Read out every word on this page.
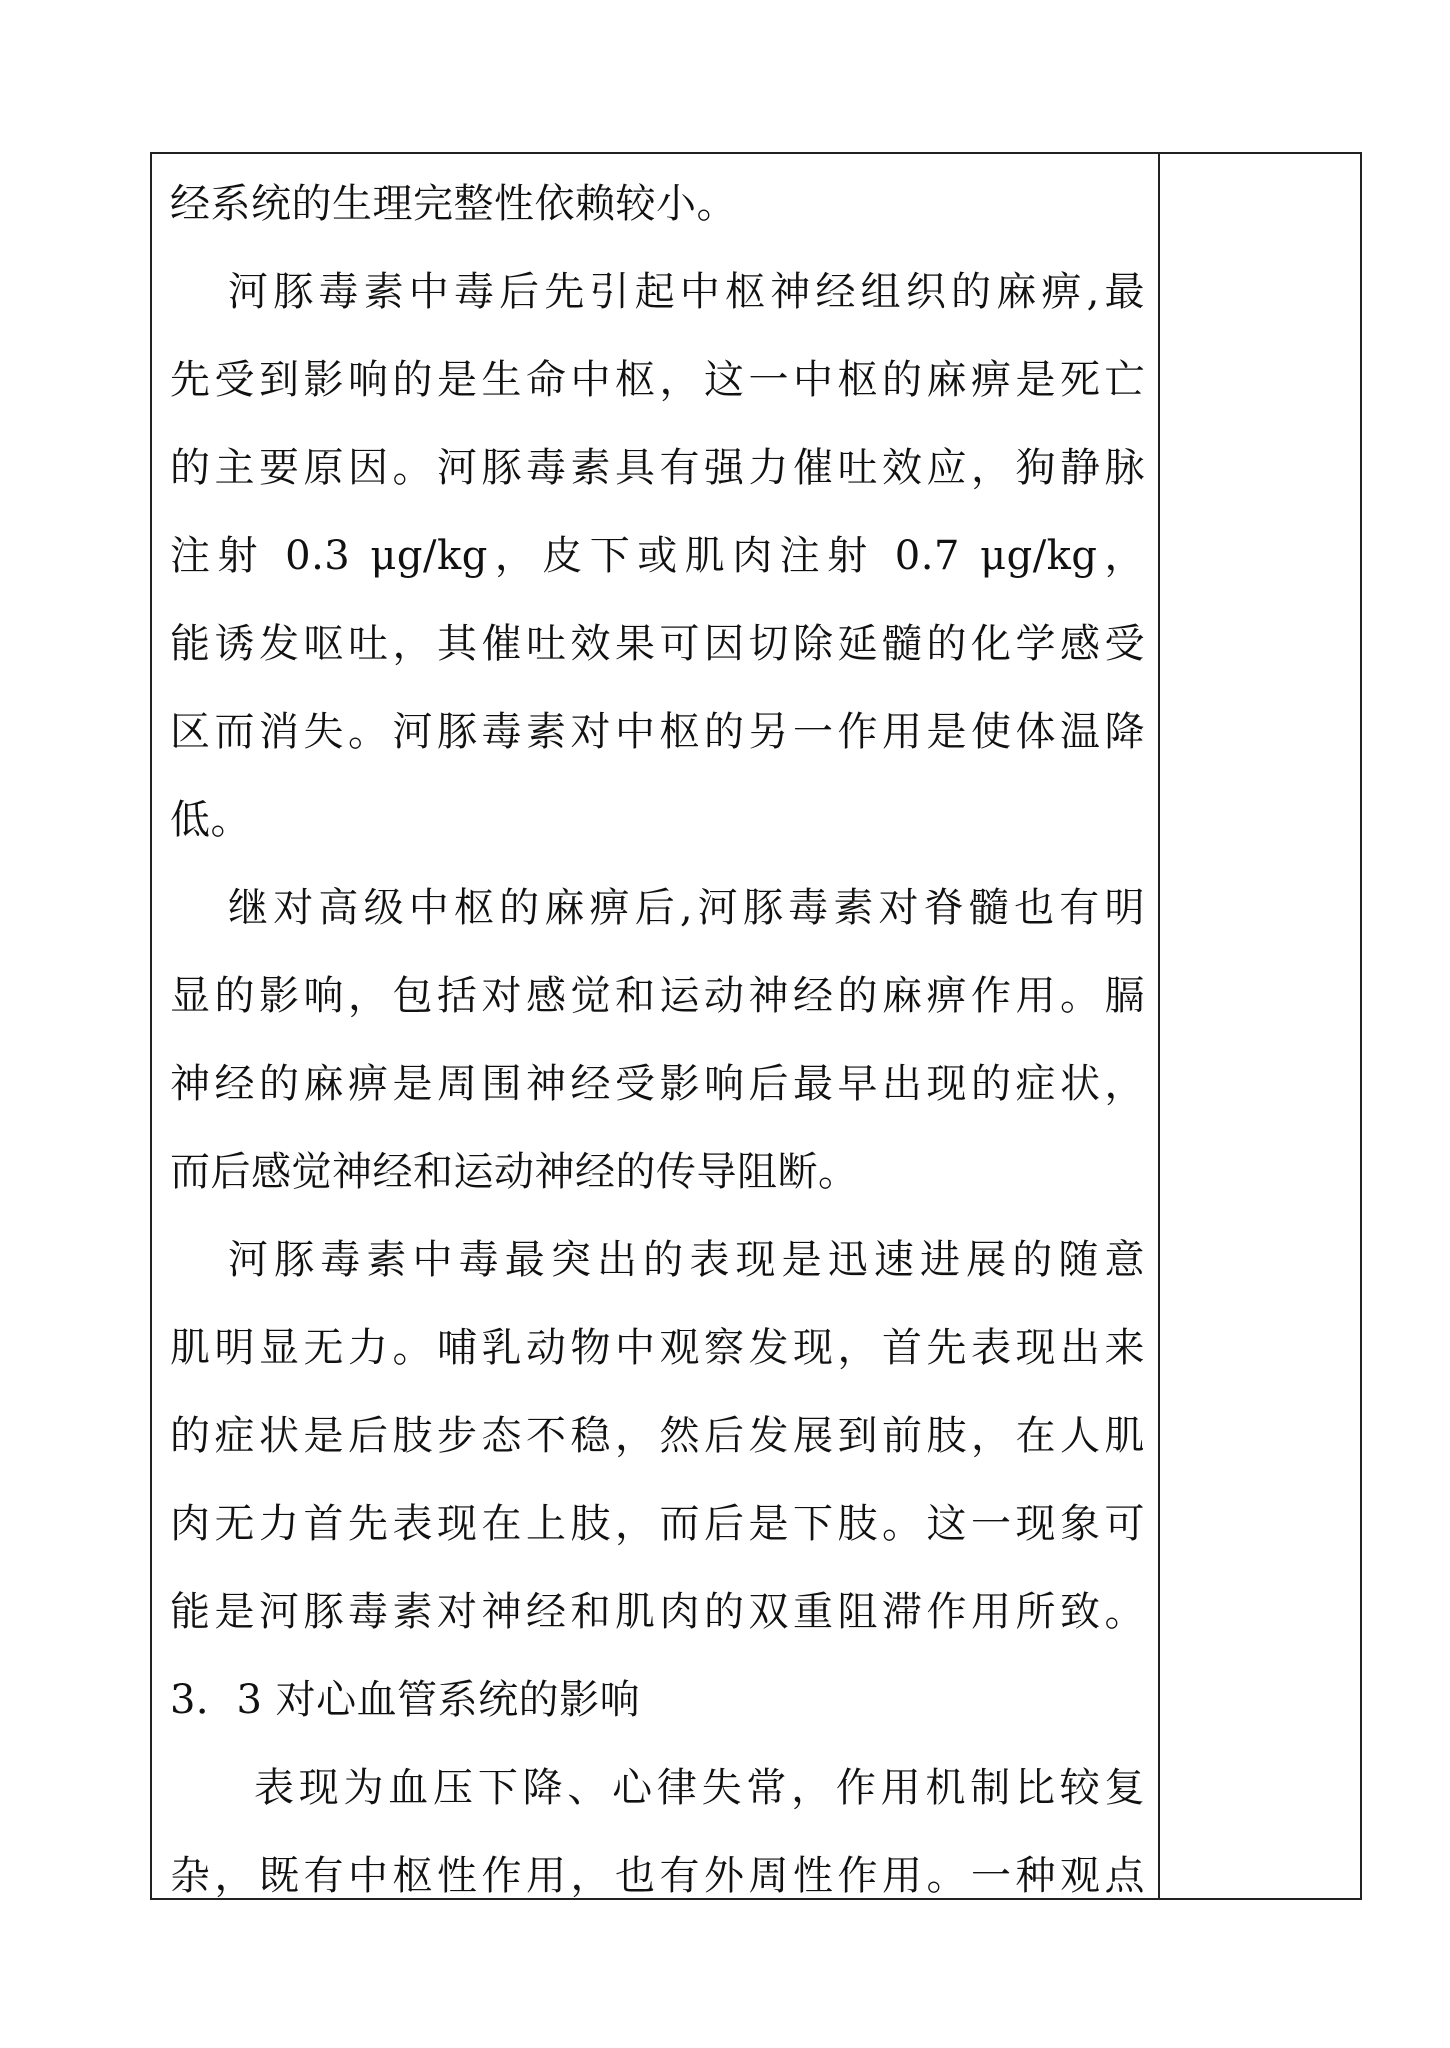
经系统的生理完整性依赖较小。
河豚毒素中毒后先引起中枢神经组织的麻痹,最
先受到影响的是生命中枢，这一中枢的麻痹是死亡
的主要原因。河豚毒素具有强力催吐效应，狗静脉
注射 0.3 μg/kg，皮下或肌肉注射 0.7 μg/kg，
能诱发呕吐，其催吐效果可因切除延髓的化学感受
区而消失。河豚毒素对中枢的另一作用是使体温降
低。
继对高级中枢的麻痹后,河豚毒素对脊髓也有明
显的影响，包括对感觉和运动神经的麻痹作用。膈
神经的麻痹是周围神经受影响后最早出现的症状，
而后感觉神经和运动神经的传导阻断。
河豚毒素中毒最突出的表现是迅速进展的随意
肌明显无力。哺乳动物中观察发现，首先表现出来
的症状是后肢步态不稳，然后发展到前肢，在人肌
肉无力首先表现在上肢，而后是下肢。这一现象可
能是河豚毒素对神经和肌肉的双重阻滞作用所致。
3．3 对心血管系统的影响
表现为血压下降、心律失常，作用机制比较复
杂，既有中枢性作用，也有外周性作用。一种观点
